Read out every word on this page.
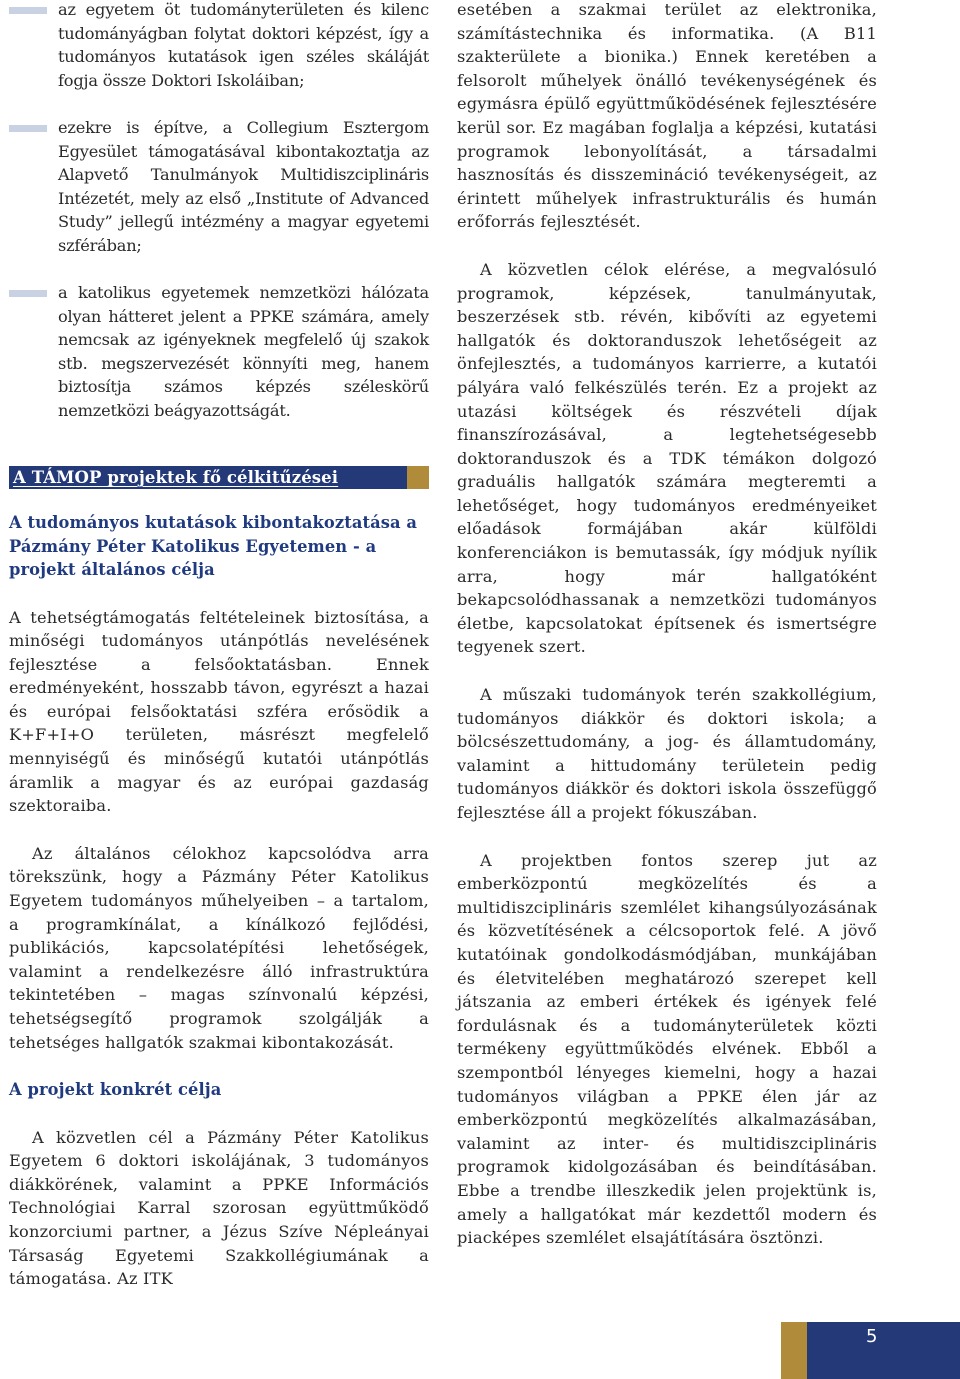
az egyetem öt tudományterületen és kilenc tudományágban folytat doktori képzést, így a tudományos kutatások igen széles skáláját fogja össze Doktori Iskoláiban;
ezekre is építve, a Collegium Esztergom Egyesület támogatásával kibontakoztatja az Alapvető Tanulmányok Multidiszciplináris Intézetét, mely az első „Institute of Advanced Study” jellegű intézmény a magyar egyetemi szférában;
a katolikus egyetemek nemzetközi hálózata olyan hátteret jelent a PPKE számára, amely nemcsak az igényeknek megfelelő új szakok stb. megszervezését könnyíti meg, hanem biztosítja számos képzés széleskörű nemzetközi beágyazottságát.
A TÁMOP projektek fő célkitűzései

A tudományos kutatások kibontakoztatása a Pázmány Péter Katolikus Egyetemen - a projekt általános célja

A tehetségtámogatás feltételeinek biztosítása, a minőségi tudományos utánpótlás nevelésének fejlesztése a felsőoktatásban. Ennek eredményeként, hosszabb távon, egyrészt a hazai és európai felsőoktatási szféra erősödik a K+F+I+O területen, másrészt megfelelő mennyiségű és minőségű kutatói utánpótlás áramlik a magyar és az európai gazdaság szektoraiba.

Az általános célokhoz kapcsolódva arra törekszünk, hogy a Pázmány Péter Katolikus Egyetem tudományos műhelyeiben – a tartalom, a programkínálat, a kínálkozó fejlődési, publikációs, kapcsolatépítési lehetőségek, valamint a rendelkezésre álló infrastruktúra tekintetében – magas színvonalú képzési, tehetségsegítő programok szolgálják a tehetséges hallgatók szakmai kibontakozását.

A projekt konkrét célja

A közvetlen cél a Pázmány Péter Katolikus Egyetem 6 doktori iskolájának, 3 tudományos diákkörének, valamint a PPKE Információs Technológiai Karral szorosan együttműködő konzorciumi partner, a Jézus Szíve Népleányai Társaság Egyetemi Szakkollégiumának a támogatása. Az ITK

esetében a szakmai terület az elektronika, számítástechnika és informatika. (A B11 szakterülete a bionika.) Ennek keretében a felsorolt műhelyek önálló tevékenységének és egymásra épülő együttműködésének fejlesztésére kerül sor. Ez magában foglalja a képzési, kutatási programok lebonyolítását, a társadalmi hasznosítás és disszemináció tevékenységeit, az érintett műhelyek infrastrukturális és humán erőforrás fejlesztését.

A közvetlen célok elérése, a megvalósuló programok, képzések, tanulmányutak, beszerzések stb. révén, kibővíti az egyetemi hallgatók és doktoranduszok lehetőségeit az önfejlesztés, a tudományos karrierre, a kutatói pályára való felkészülés terén. Ez a projekt az utazási költségek és részvételi díjak finanszírozásával, a legtehetségesebb doktoranduszok és a TDK témákon dolgozó graduális hallgatók számára megteremti a lehetőséget, hogy tudományos eredményeiket előadások formájában akár külföldi konferenciákon is bemutassák, így módjuk nyílik arra, hogy már hallgatóként bekapcsolódhassanak a nemzetközi tudományos életbe, kapcsolatokat építsenek és ismertségre tegyenek szert.

A műszaki tudományok terén szakkollégium, tudományos diákkör és doktori iskola; a bölcsészettudomány, a jog- és államtudomány, valamint a hittudomány területein pedig tudományos diákkör és doktori iskola összefüggő fejlesztése áll a projekt fókuszában.

A projektben fontos szerep jut az emberközpontú megközelítés és a multidiszciplináris szemlélet kihangsúlyozásának és közvetítésének a célcsoportok felé. A jövő kutatóinak gondolkodásmódjában, munkájában és életvitelében meghatározó szerepet kell játszania az emberi értékek és igények felé fordulásnak és a tudományterületek közti termékeny együttműködés elvének. Ebből a szempontból lényeges kiemelni, hogy a hazai tudományos világban a PPKE élen jár az emberközpontú megközelítés alkalmazásában, valamint az inter- és multidiszciplináris programok kidolgozásában és beindításában. Ebbe a trendbe illeszkedik jelen projektünk is, amely a hallgatókat már kezdettől modern és piacképes szemlélet elsajátítására ösztönzi.

5
